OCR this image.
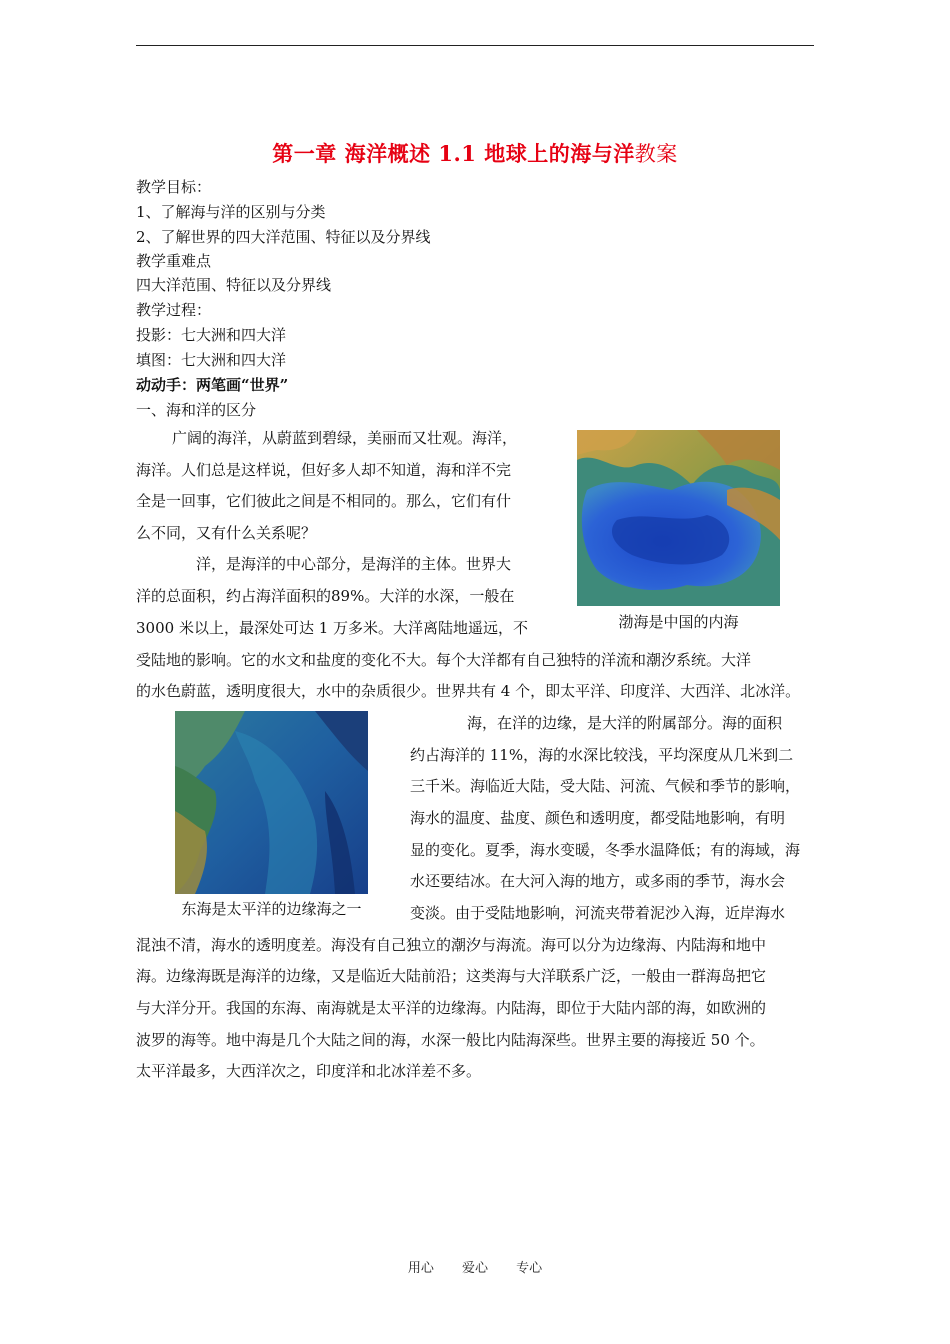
第一章 海洋概述 1.1 地球上的海与洋教案
教学目标：
1、了解海与洋的区别与分类
2、了解世界的四大洋范围、特征以及分界线
教学重难点
四大洋范围、特征以及分界线
教学过程：
投影：七大洲和四大洋
填图：七大洲和四大洋
动动手：两笔画“世界”
一、海和洋的区分
广阔的海洋，从蔚蓝到碧绿，美丽而又壮观。海洋，
海洋。人们总是这样说，但好多人却不知道，海和洋不完
全是一回事，它们彼此之间是不相同的。那么，它们有什
么不同，又有什么关系呢？
洋，是海洋的中心部分，是海洋的主体。世界大
洋的总面积，约占海洋面积的89%。大洋的水深，一般在
3000 米以上，最深处可达 1 万多米。大洋离陆地遥远，不
受陆地的影响。它的水文和盐度的变化不大。每个大洋都有自己独特的洋流和潮汐系统。大洋
的水色蔚蓝，透明度很大，水中的杂质很少。世界共有 4 个，即太平洋、印度洋、大西洋、北冰洋。
渤海是中国的内海
东海是太平洋的边缘海之一
海，在洋的边缘，是大洋的附属部分。海的面积
约占海洋的 11%，海的水深比较浅，平均深度从几米到二
三千米。海临近大陆，受大陆、河流、气候和季节的影响，
海水的温度、盐度、颜色和透明度，都受陆地影响，有明
显的变化。夏季，海水变暖，冬季水温降低；有的海域，海
水还要结冰。在大河入海的地方，或多雨的季节，海水会
变淡。由于受陆地影响，河流夹带着泥沙入海，近岸海水
混浊不清，海水的透明度差。海没有自己独立的潮汐与海流。海可以分为边缘海、内陆海和地中
海。边缘海既是海洋的边缘，又是临近大陆前沿；这类海与大洋联系广泛，一般由一群海岛把它
与大洋分开。我国的东海、南海就是太平洋的边缘海。内陆海，即位于大陆内部的海，如欧洲的
波罗的海等。地中海是几个大陆之间的海，水深一般比内陆海深些。世界主要的海接近 50 个。
太平洋最多，大西洋次之，印度洋和北冰洋差不多。
用心 爱心 专心
